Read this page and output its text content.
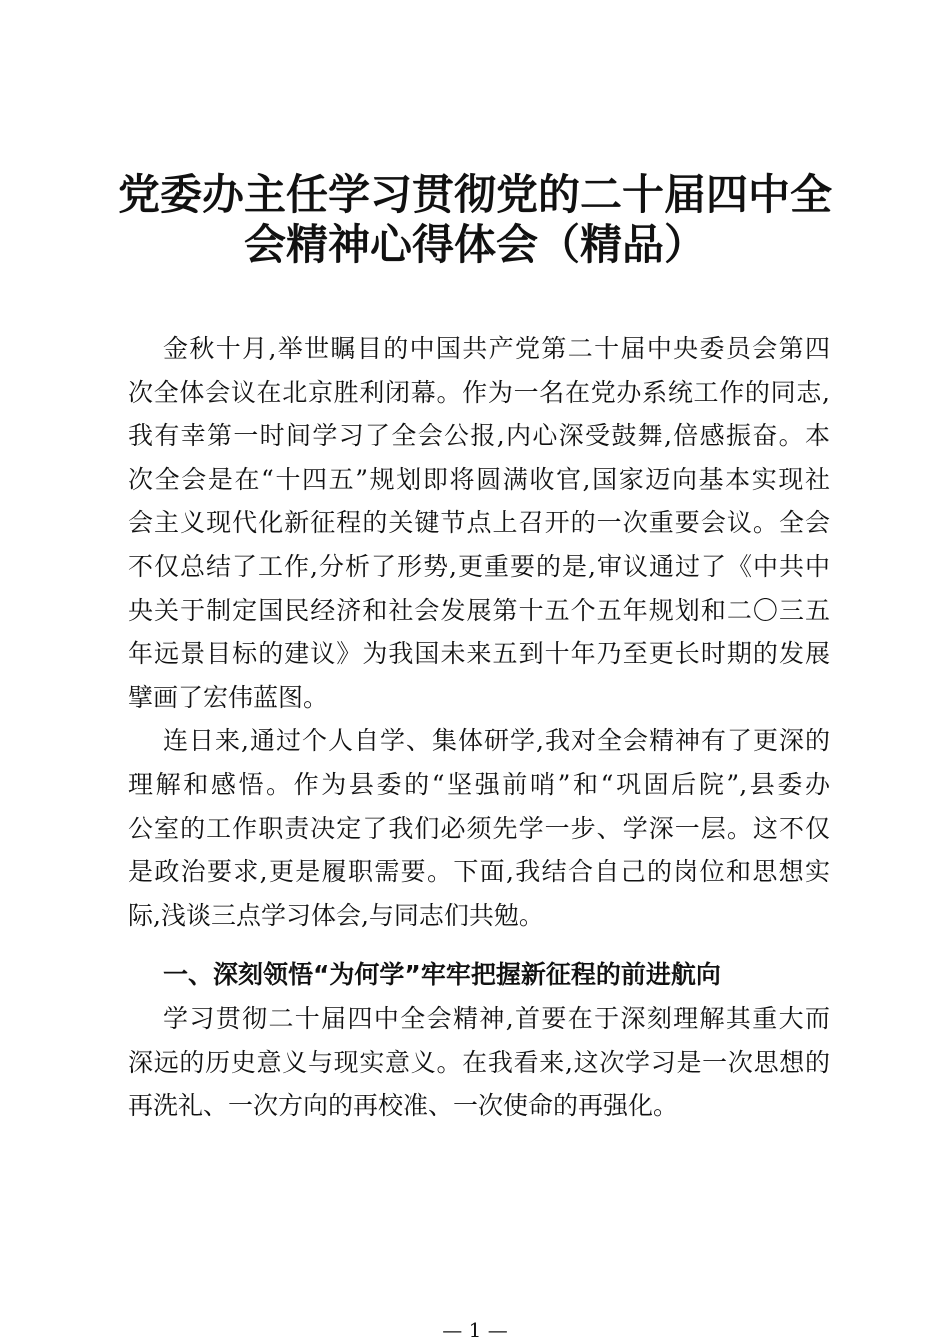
党委办主任学习贯彻党的二十届四中全
会精神心得体会（精品）
金秋十月,举世瞩目的中国共产党第二十届中央委员会第四
次全体会议在北京胜利闭幕。作为一名在党办系统工作的同志,
我有幸第一时间学习了全会公报,内心深受鼓舞,倍感振奋。本
次全会是在“十四五”规划即将圆满收官,国家迈向基本实现社
会主义现代化新征程的关键节点上召开的一次重要会议。全会
不仅总结了工作,分析了形势,更重要的是,审议通过了《中共中
央关于制定国民经济和社会发展第十五个五年规划和二〇三五
年远景目标的建议》为我国未来五到十年乃至更长时期的发展
擘画了宏伟蓝图。
连日来,通过个人自学、集体研学,我对全会精神有了更深的
理解和感悟。作为县委的“坚强前哨”和“巩固后院”,县委办
公室的工作职责决定了我们必须先学一步、学深一层。这不仅
是政治要求,更是履职需要。下面,我结合自己的岗位和思想实
际,浅谈三点学习体会,与同志们共勉。
一、深刻领悟“为何学”牢牢把握新征程的前进航向
学习贯彻二十届四中全会精神,首要在于深刻理解其重大而
深远的历史意义与现实意义。在我看来,这次学习是一次思想的
再洗礼、一次方向的再校准、一次使命的再强化。
— 1 —
